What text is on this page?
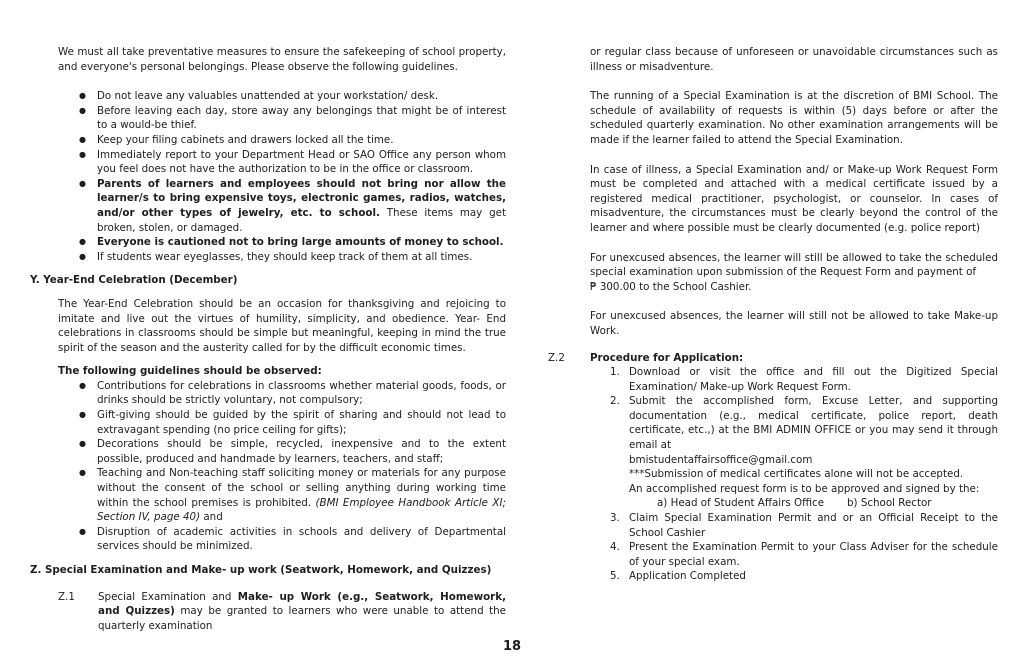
We must all take preventative measures to ensure the safekeeping of school property, and everyone's personal belongings. Please observe the following guidelines.

● Do not leave any valuables unattended at your workstation/ desk.
● Before leaving each day, store away any belongings that might be of interest to a would-be thief.
● Keep your filing cabinets and drawers locked all the time.
● Immediately report to your Department Head or SAO Office any person whom you feel does not have the authorization to be in the office or classroom.
● Parents of learners and employees should not bring nor allow the learner/s to bring expensive toys, electronic games, radios, watches, and/or other types of jewelry, etc. to school. These items may get broken, stolen, or damaged.
● Everyone is cautioned not to bring large amounts of money to school.
● If students wear eyeglasses, they should keep track of them at all times.

Y. Year-End Celebration (December)

The Year-End Celebration should be an occasion for thanksgiving and rejoicing to imitate and live out the virtues of humility, simplicity, and obedience. Year- End celebrations in classrooms should be simple but meaningful, keeping in mind the true spirit of the season and the austerity called for by the difficult economic times.

The following guidelines should be observed:

● Contributions for celebrations in classrooms whether material goods, foods, or drinks should be strictly voluntary, not compulsory;
● Gift-giving should be guided by the spirit of sharing and should not lead to extravagant spending (no price ceiling for gifts);
● Decorations should be simple, recycled, inexpensive and to the extent possible, produced and handmade by learners, teachers, and staff;
● Teaching and Non-teaching staff soliciting money or materials for any purpose without the consent of the school or selling anything during working time within the school premises is prohibited. (BMI Employee Handbook Article XI; Section IV, page 40) and
● Disruption of academic activities in schools and delivery of Departmental services should be minimized.

Z. Special Examination and Make- up work (Seatwork, Homework, and Quizzes)

Z.1	Special Examination and Make- up Work (e.g., Seatwork, Homework, and Quizzes) may be granted to learners who were unable to attend the quarterly examination

or regular class because of unforeseen or unavoidable circumstances such as illness or misadventure.

The running of a Special Examination is at the discretion of BMI School. The schedule of availability of requests is within (5) days before or after the scheduled quarterly examination. No other examination arrangements will be made if the learner failed to attend the Special Examination.

In case of illness, a Special Examination and/ or Make-up Work Request Form must be completed and attached with a medical certificate issued by a registered medical practitioner, psychologist, or counselor. In cases of misadventure, the circumstances must be clearly beyond the control of the learner and where possible must be clearly documented (e.g. police report)

For unexcused absences, the learner will still be allowed to take the scheduled special examination upon submission of the Request Form and payment of
₱ 300.00 to the School Cashier.

For unexcused absences, the learner will still not be allowed to take Make-up Work.

Z.2	Procedure for Application:
1. Download or visit the office and fill out the Digitized Special Examination/ Make-up Work Request Form.
2. Submit the accomplished form, Excuse Letter, and supporting documentation (e.g., medical certificate, police report, death certificate, etc.,) at the BMI ADMIN OFFICE or you may send it through email at
bmistudentaffairsoffice@gmail.com
***Submission of medical certificates alone will not be accepted.
An accomplished request form is to be approved and signed by the:
a) Head of Student Affairs Office b) School Rector
3. Claim Special Examination Permit and or an Official Receipt to the School Cashier
4. Present the Examination Permit to your Class Adviser for the schedule of your special exam.
5. Application Completed
18
